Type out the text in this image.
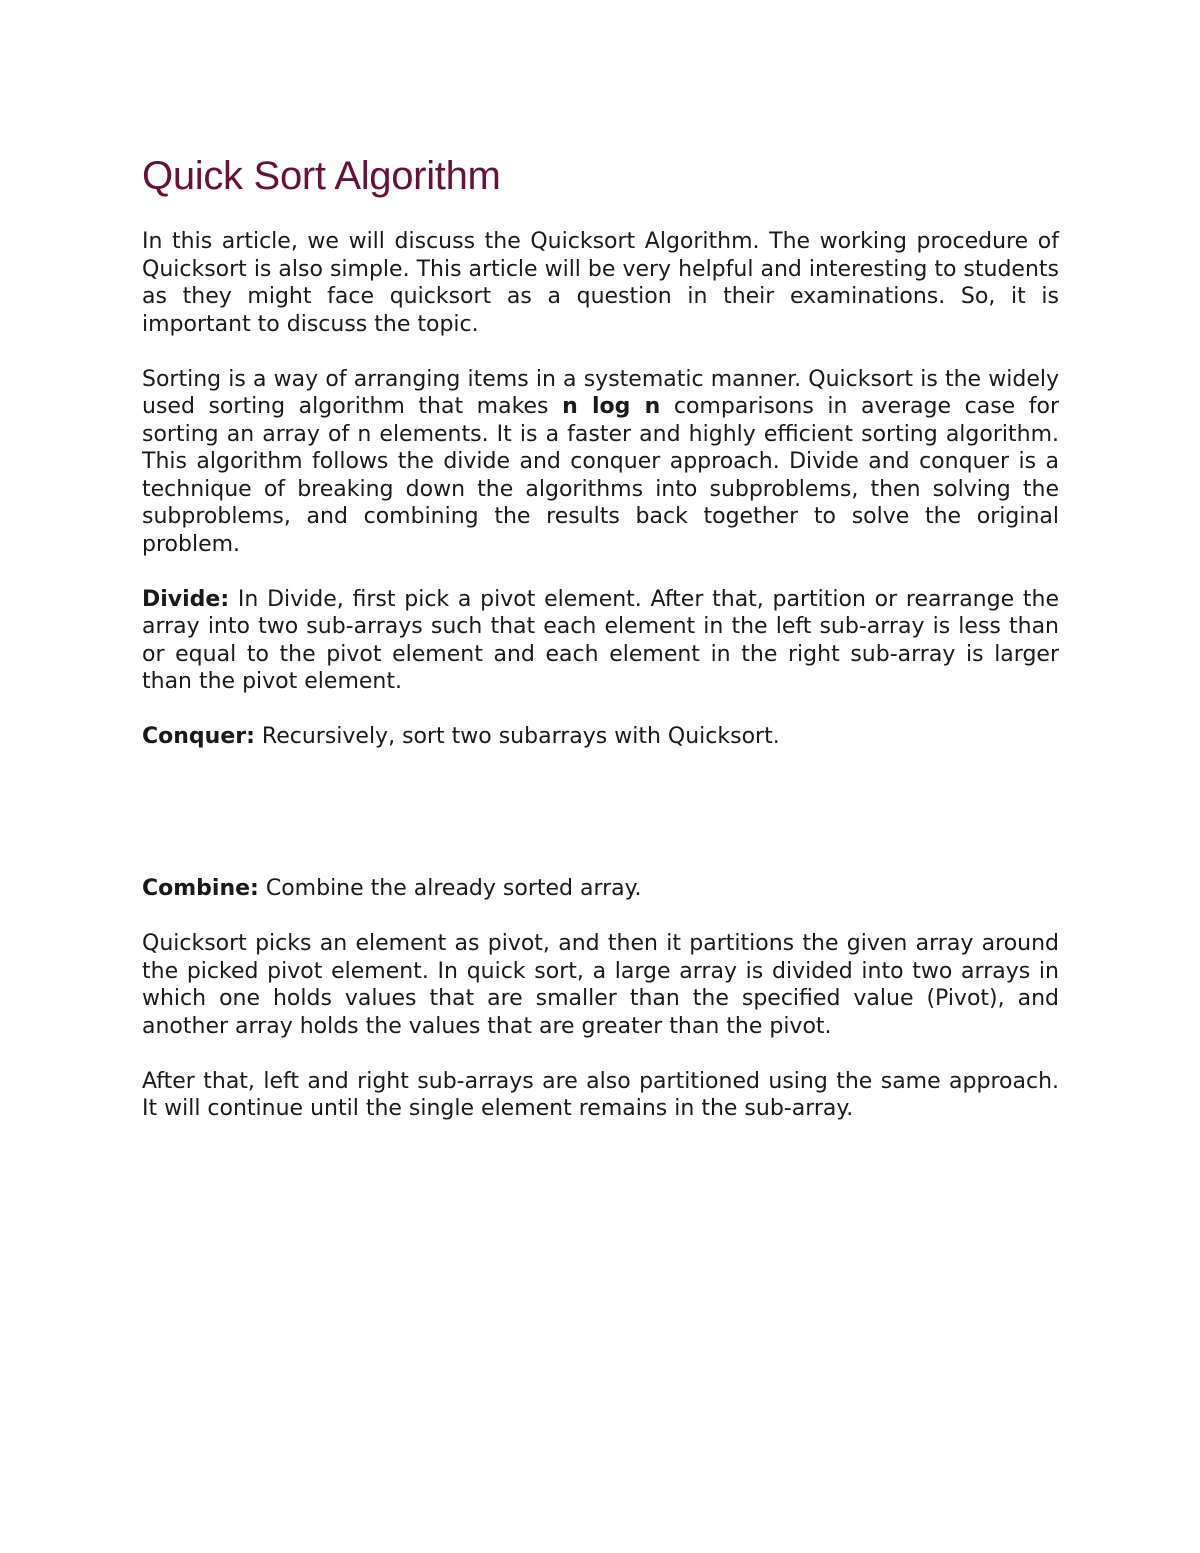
Quick Sort Algorithm

In this article, we will discuss the Quicksort Algorithm. The working procedure of Quicksort is also simple. This article will be very helpful and interesting to students as they might face quicksort as a question in their examinations. So, it is important to discuss the topic.

Sorting is a way of arranging items in a systematic manner. Quicksort is the widely used sorting algorithm that makes n log n comparisons in average case for sorting an array of n elements. It is a faster and highly efficient sorting algorithm. This algorithm follows the divide and conquer approach. Divide and conquer is a technique of breaking down the algorithms into subproblems, then solving the subproblems, and combining the results back together to solve the original problem.

Divide: In Divide, first pick a pivot element. After that, partition or rearrange the array into two sub-arrays such that each element in the left sub-array is less than or equal to the pivot element and each element in the right sub-array is larger than the pivot element.

Conquer: Recursively, sort two subarrays with Quicksort.

Combine: Combine the already sorted array.

Quicksort picks an element as pivot, and then it partitions the given array around the picked pivot element. In quick sort, a large array is divided into two arrays in which one holds values that are smaller than the specified value (Pivot), and another array holds the values that are greater than the pivot.

After that, left and right sub-arrays are also partitioned using the same approach. It will continue until the single element remains in the sub-array.
